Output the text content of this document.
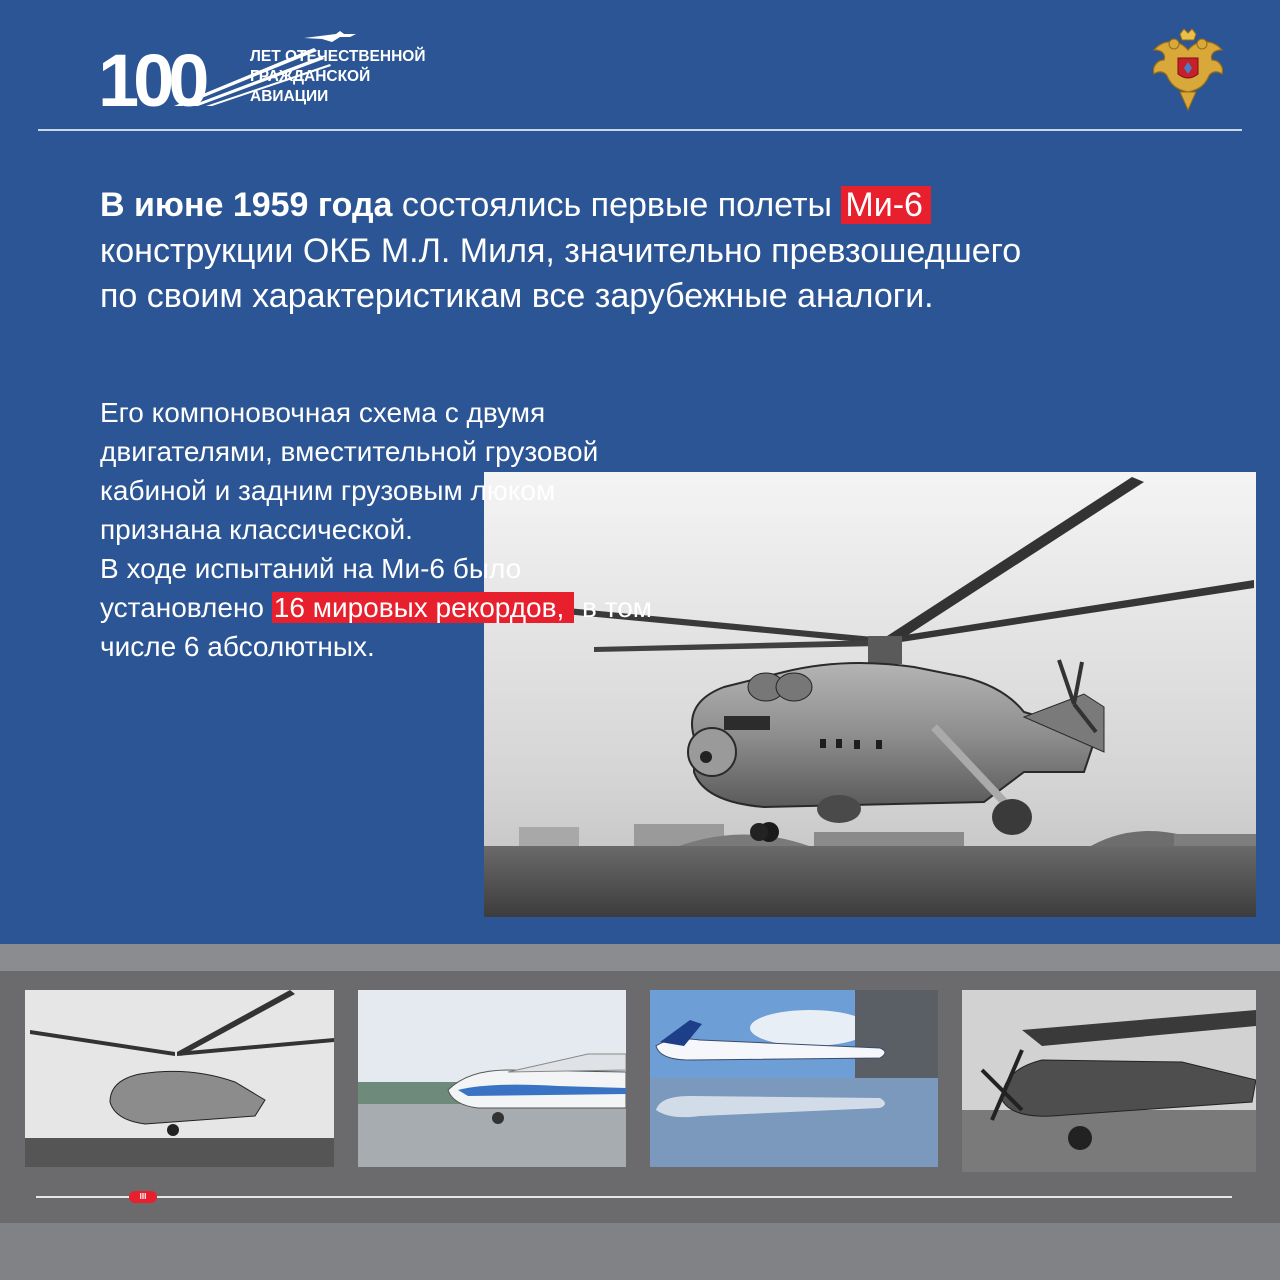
100	ЛЕТ ОТЕЧЕСТВЕННОЙ
ГРАЖДАНСКОЙ
АВИАЦИИ
В июне 1959 года состоялись первые полеты Ми-6 конструкции ОКБ М.Л. Миля, значительно превзошедшего по своим характеристикам все зарубежные аналоги.
Его компоновочная схема с двумя двигателями, вместительной грузовой кабиной и задним грузовым люком признана классической.
В ходе испытаний на Ми-6 было установлено 16 мировых рекордов, в том числе 6 абсолютных.
III
